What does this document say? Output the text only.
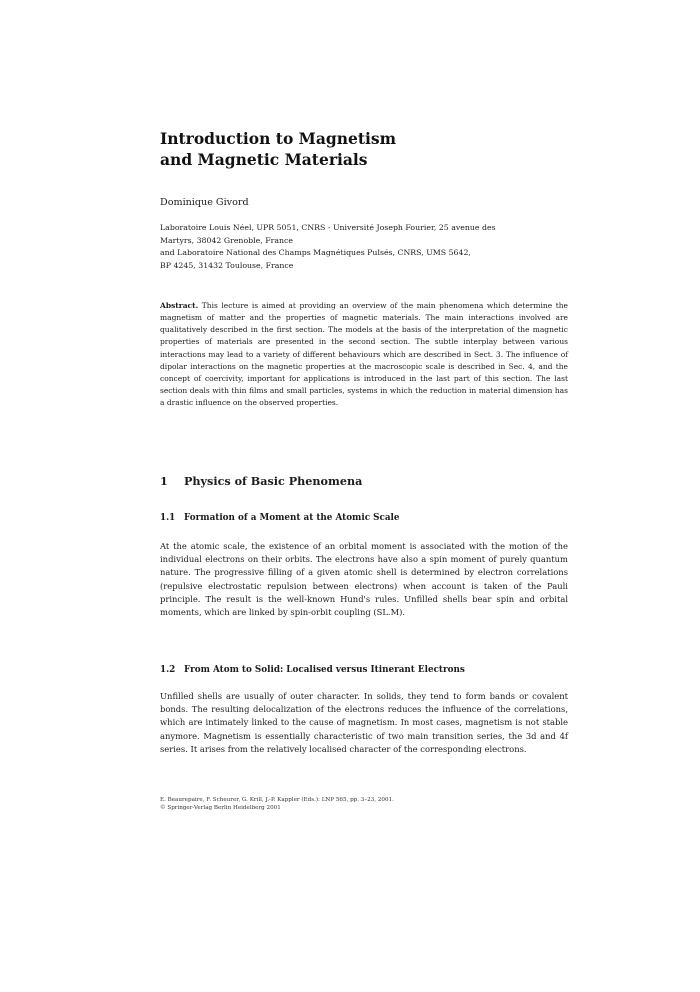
Introduction to Magnetism
and Magnetic Materials
Dominique Givord
Laboratoire Louis Néel, UPR 5051, CNRS - Université Joseph Fourier, 25 avenue des
Martyrs, 38042 Grenoble, France
and Laboratoire National des Champs Magnétiques Pulsés, CNRS, UMS 5642,
BP 4245, 31432 Toulouse, France

Abstract. This lecture is aimed at providing an overview of the main phenomena which determine the magnetism of matter and the properties of magnetic materials. The main interactions involved are qualitatively described in the first section. The models at the basis of the interpretation of the magnetic properties of materials are presented in the second section. The subtle interplay between various interactions may lead to a variety of different behaviours which are described in Sect. 3. The influence of dipolar interactions on the magnetic properties at the macroscopic scale is described in Sec. 4, and the concept of coercivity, important for applications is introduced in the last part of this section. The last section deals with thin films and small particles, systems in which the reduction in material dimension has a drastic influence on the observed properties.

1 Physics of Basic Phenomena
1.1 Formation of a Moment at the Atomic Scale

At the atomic scale, the existence of an orbital moment is associated with the motion of the individual electrons on their orbits. The electrons have also a spin moment of purely quantum nature. The progressive filling of a given atomic shell is determined by electron correlations (repulsive electrostatic repulsion between electrons) when account is taken of the Pauli principle. The result is the well-known Hund's rules. Unfilled shells bear spin and orbital moments, which are linked by spin-orbit coupling (SL.M).

1.2 From Atom to Solid: Localised versus Itinerant Electrons

Unfilled shells are usually of outer character. In solids, they tend to form bands or covalent bonds. The resulting delocalization of the electrons reduces the influence of the correlations, which are intimately linked to the cause of magnetism. In most cases, magnetism is not stable anymore. Magnetism is essentially characteristic of two main transition series, the 3d and 4f series. It arises from the relatively localised character of the corresponding electrons.

E. Beaurepaire, F. Scheurer, G. Krill, J.-P. Kappler (Eds.): LNP 565, pp. 3–23, 2001.
© Springer-Verlag Berlin Heidelberg 2001
